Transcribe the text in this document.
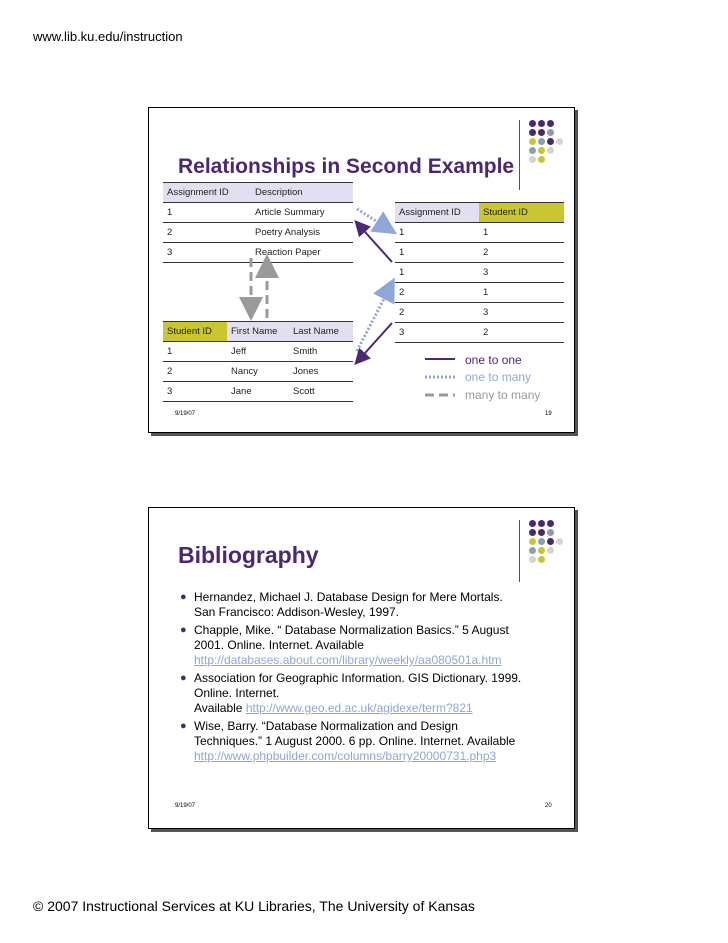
www.lib.ku.edu/instruction
Relationships in Second Example
Assignment ID	Description
1	Article Summary
2	Poetry Analysis
3	Reaction Paper
Assignment ID	Student ID
1	1
1	2
1	3
2	1
2	3
3	2
Student ID	First Name	Last Name
1	Jeff	Smith
2	Nancy	Jones
3	Jane	Scott
one to one
one to many
many to many
9/19/07	19
Bibliography
● Hernandez, Michael J. Database Design for Mere Mortals.
San Francisco: Addison-Wesley, 1997.
● Chapple, Mike. “ Database Normalization Basics.” 5 August
2001. Online. Internet. Available
http://databases.about.com/library/weekly/aa080501a.htm
● Association for Geographic Information. GIS Dictionary. 1999.
Online. Internet.
Available http://www.geo.ed.ac.uk/agidexe/term?821
● Wise, Barry. “Database Normalization and Design
Techniques.” 1 August 2000. 6 pp. Online. Internet. Available
http://www.phpbuilder.com/columns/barry20000731.php3
9/19/07	20
© 2007 Instructional Services at KU Libraries, The University of Kansas
